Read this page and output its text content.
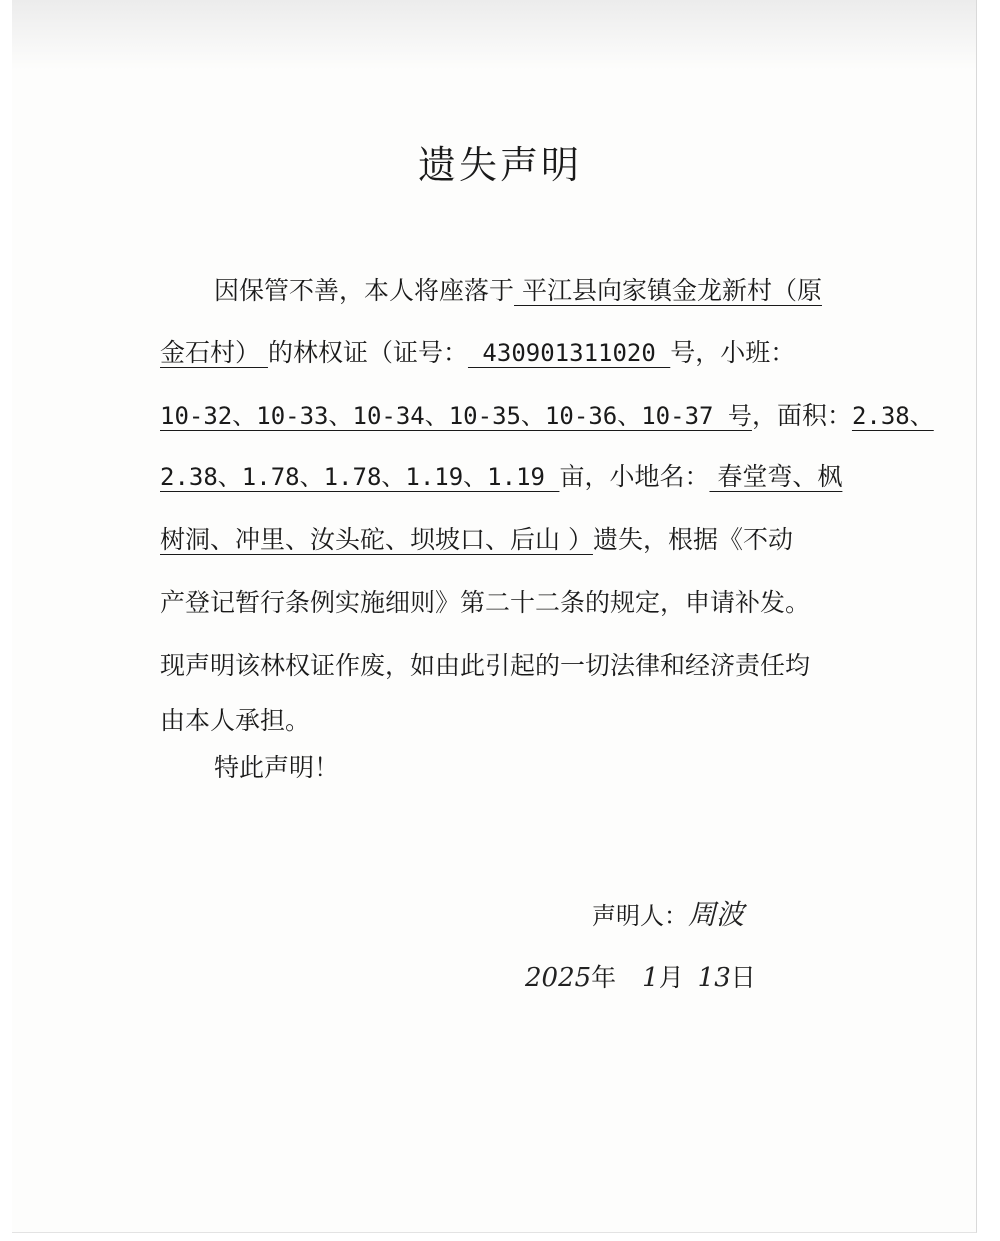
遗失声明
因保管不善，本人将座落于 平江县向家镇金龙新村（原
金石村） 的林权证（证号： 430901311020 号，小班：
10-32、10-33、10-34、10-35、10-36、10-37 号，面积：2.38、
2.38、1.78、1.78、1.19、1.19 亩，小地名： 春堂弯、枫
树洞、冲里、汝头砣、坝坡口、后山 ）遗失，根据《不动
产登记暂行条例实施细则》第二十二条的规定，申请补发。
现声明该林权证作废，如由此引起的一切法律和经济责任均
由本人承担。
特此声明！
声明人：周波
2025年 1月 13日
